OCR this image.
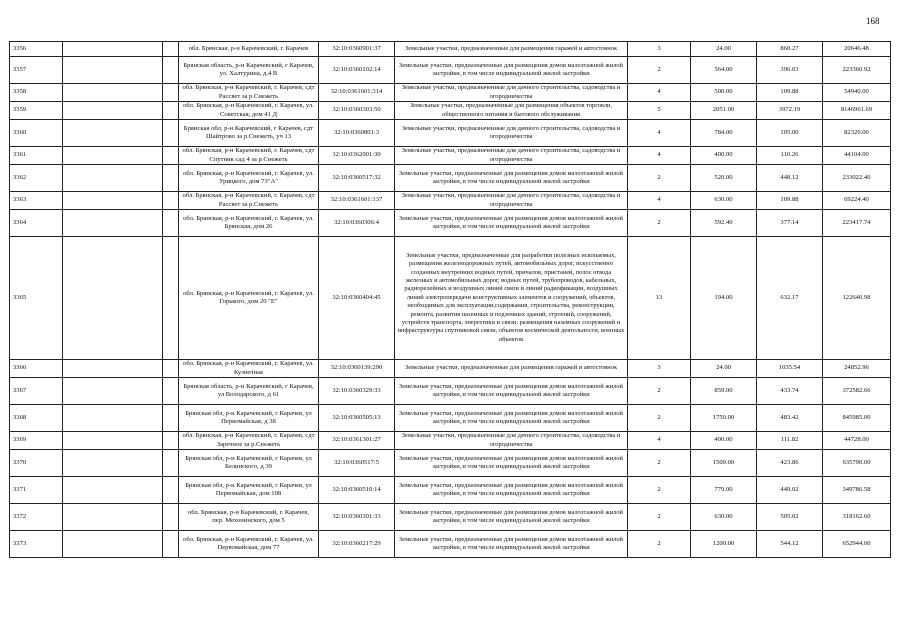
168
3356			обл. Брянская, р-н Карачевский, г. Карачев	32:10:0360901:37	Земельные участки, предназначенные для размещения гаражей и автостоянок	3	24.00	860.27	20646.48
3357			Брянская область, р-н Карачевский, г Карачев, ул. Халтурина, д.4 В	32:10:0360102:14	Земельные участки, предназначенные для размещения домов малоэтажной жилой застройки, в том числе индивидуальной жилой застройки	2	564.00	396.03	223360.92
3358			обл. Брянская, р-н Карачевский, г. Карачев, сдт Рассвет за р.Снежеть	32:10:0361601:314	Земельные участки, предназначенные для дачного строительства, садоводства и огородничества	4	500.00	109.88	54940.00
3359			обл. Брянская, р-н Карачевский, г. Карачев, ул. Советская, дом 41 Д	32:10:0360303:50	Земельные участки, предназначенные для размещения объектов торговли, общественного питания и бытового обслуживания	5	2051.00	3972.19	8146961.69
3360			Брянская обл, р-н Карачевский, г Карачев, сдт Шайтрово за р.Снежеть, уч 13	32:10:0360801:3	Земельные участки, предназначенные для дачного строительства, садоводства и огородничества	4	784.00	105.00	82320.00
3361			обл. Брянская, р-н Карачевский, г. Карачев, сдт Спутник сад 4 за р.Снежеть	32:10:0362001:30	Земельные участки, предназначенные для дачного строительства, садоводства и огородничества	4	400.00	110.26	44104.00
3362			обл. Брянская, р-н Карачевский, г. Карачев, ул. Урицкого, дом 73"А"	32:10:0360517:32	Земельные участки, предназначенные для размещения домов малоэтажной жилой застройки, в том числе индивидуальной жилой застройки	2	520.00	448.12	233022.40
3363			обл. Брянская, р-н Карачевский, г. Карачев, сдт Рассвет за р.Снежеть	32:10:0361601:137	Земельные участки, предназначенные для дачного строительства, садоводства и огородничества	4	630.00	109.88	69224.40
3364			обл. Брянская, р-н Карачевский, г. Карачев, ул. Брянская, дом 26	32:10:0360306:4	Земельные участки, предназначенные для размещения домов малоэтажной жилой застройки, в том числе индивидуальной жилой застройки	2	592.40	377.14	223417.74
3365			обл. Брянская, р-н Карачевский, г. Карачев, ул. Горького, дом 20 "Е"	32:10:0360404:45	Земельные участки, предназначенные для разработки полезных ископаемых, размещения железнодорожных путей, автомобильных дорог, искусственно созданных внутренних водных путей, причалов, пристаней, полос отвода железных и автомобильных дорог, водных путей, трубопроводов, кабельных, радиорелейных и воздушных линий связи и линий радиофикации, воздушных линий электропередачи конструктивных элементов и сооружений, объектов, необходимых для эксплуатации,содержания, строительства, реконструкции, ремонта, развития наземных и подземных зданий, строений, сооружений, устройств транспорта, энергетики и связи; размещения наземных сооружений и инфраструктуры спутниковой связи, объектов космической деятельности, военных объектов	13	194.00	632.17	122640.98
3366			обл. Брянская, р-н Карачевский, г. Карачев, ул. Кузнечная	32:10:0360139:290	Земельные участки, предназначенные для размещения гаражей и автостоянок	3	24.00	1035.54	24852.96
3367			Брянская область, р-н Карачевский, г Карачев, ул Володарского, д 61	32:10:0360329:33	Земельные участки, предназначенные для размещения домов малоэтажной жилой застройки, в том числе индивидуальной жилой застройки	2	859.00	433.74	372582.66
3368			Брянская обл, р-н Карачевский, г Карачев, ул Первомайская, д 38	32:10:0360505:13	Земельные участки, предназначенные для размещения домов малоэтажной жилой застройки, в том числе индивидуальной жилой застройки	2	1750.00	483.42	845985.00
3369			обл. Брянская, р-н Карачевский, г. Карачев, сдт Заречное за р.Снежеть	32:10:0361301:27	Земельные участки, предназначенные для дачного строительства, садоводства и огородничества	4	400.00	111.82	44728.00
3370			Брянская обл, р-н Карачевский, г Карачев, ул Белинского, д 39	32:10:0360517:5	Земельные участки, предназначенные для размещения домов малоэтажной жилой застройки, в том числе индивидуальной жилой застройки	2	1500.00	423.86	635790.00
3371			Брянская обл, р-н Карачевский, г Карачев, ул Первомайская, дом 108	32:10:0360510:14	Земельные участки, предназначенные для размещения домов малоэтажной жилой застройки, в том числе индивидуальной жилой застройки	2	779.00	449.02	349786.58
3372			обл. Брянская, р-н Карачевский, г. Карачев, пер. Мехонинского, дом 5	32:10:0360301:33	Земельные участки, предназначенные для размещения домов малоэтажной жилой застройки, в том числе индивидуальной жилой застройки	2	630.00	505.02	318162.60
3373			обл. Брянская, р-н Карачевский, г. Карачев, ул. Первомайская, дом 77	32:10:0360217:29	Земельные участки, предназначенные для размещения домов малоэтажной жилой застройки, в том числе индивидуальной жилой застройки	2	1200.00	544.12	652944.00
